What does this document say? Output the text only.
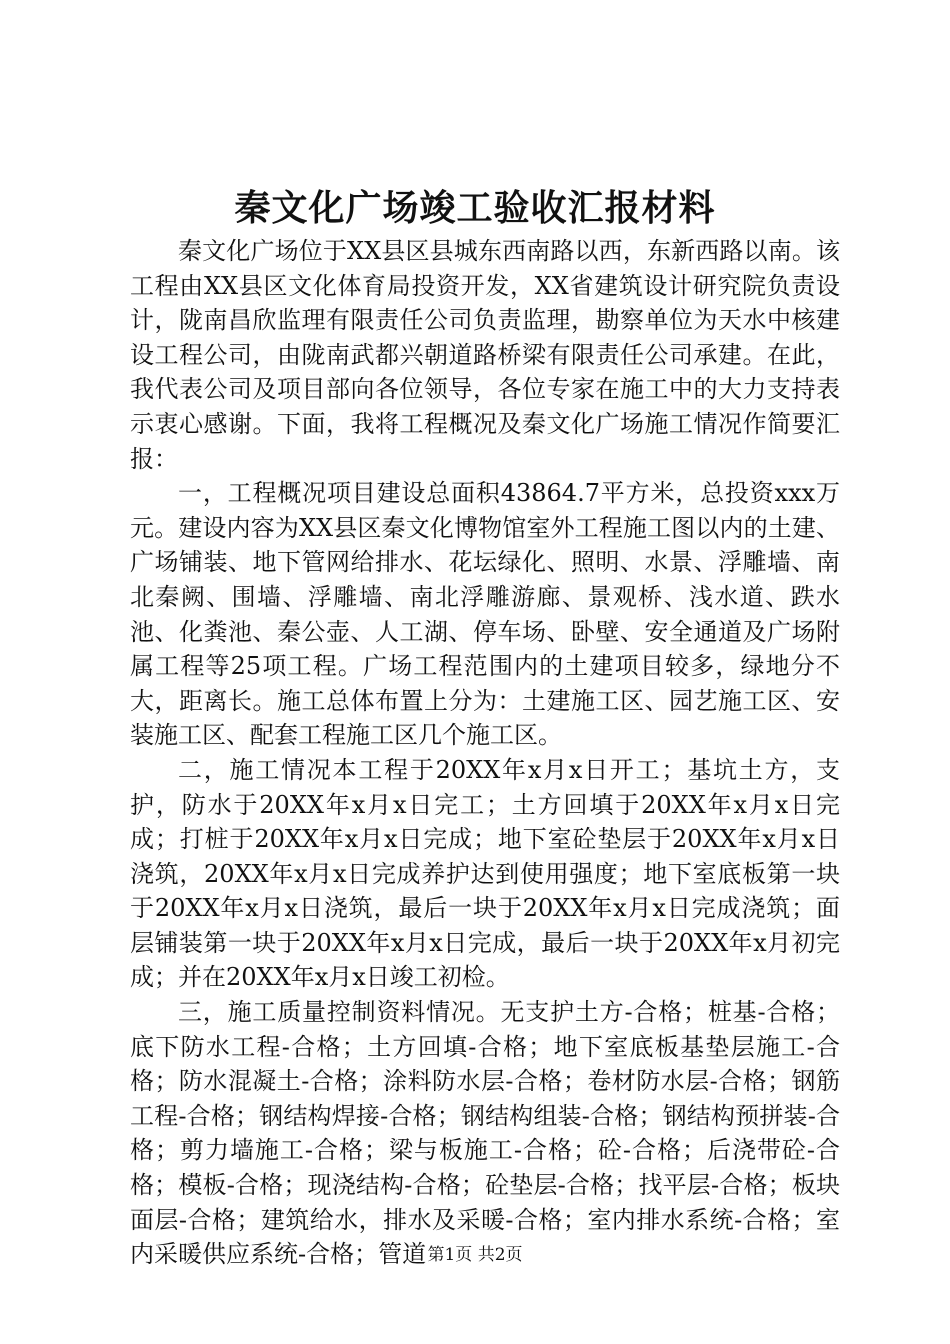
秦文化广场竣工验收汇报材料

秦文化广场位于XX县区县城东西南路以西，东新西路以南。该工程由XX县区文化体育局投资开发，XX省建筑设计研究院负责设计，陇南昌欣监理有限责任公司负责监理，勘察单位为天水中核建设工程公司，由陇南武都兴朝道路桥梁有限责任公司承建。在此，我代表公司及项目部向各位领导，各位专家在施工中的大力支持表示衷心感谢。下面，我将工程概况及秦文化广场施工情况作简要汇报：

一，工程概况项目建设总面积43864.7平方米，总投资xxx万元。建设内容为XX县区秦文化博物馆室外工程施工图以内的土建、广场铺装、地下管网给排水、花坛绿化、照明、水景、浮雕墙、南北秦阙、围墙、浮雕墙、南北浮雕游廊、景观桥、浅水道、跌水池、化粪池、秦公壶、人工湖、停车场、卧壁、安全通道及广场附属工程等25项工程。广场工程范围内的土建项目较多，绿地分不大，距离长。施工总体布置上分为：土建施工区、园艺施工区、安装施工区、配套工程施工区几个施工区。

二，施工情况本工程于20XX年x月x日开工；基坑土方，支护，防水于20XX年x月x日完工；土方回填于20XX年x月x日完成；打桩于20XX年x月x日完成；地下室砼垫层于20XX年x月x日浇筑，20XX年x月x日完成养护达到使用强度；地下室底板第一块于20XX年x月x日浇筑，最后一块于20XX年x月x日完成浇筑；面层铺装第一块于20XX年x月x日完成，最后一块于20XX年x月初完成；并在20XX年x月x日竣工初检。

三，施工质量控制资料情况。无支护土方-合格；桩基-合格；底下防水工程-合格；土方回填-合格；地下室底板基垫层施工-合格；防水混凝土-合格；涂料防水层-合格；卷材防水层-合格；钢筋工程-合格；钢结构焊接-合格；钢结构组装-合格；钢结构预拼装-合格；剪力墙施工-合格；梁与板施工-合格；砼-合格；后浇带砼-合格；模板-合格；现浇结构-合格；砼垫层-合格；找平层-合格；板块面层-合格；建筑给水，排水及采暖-合格；室内排水系统-合格；室内采暖供应系统-合格；管道 第1页 共2页
